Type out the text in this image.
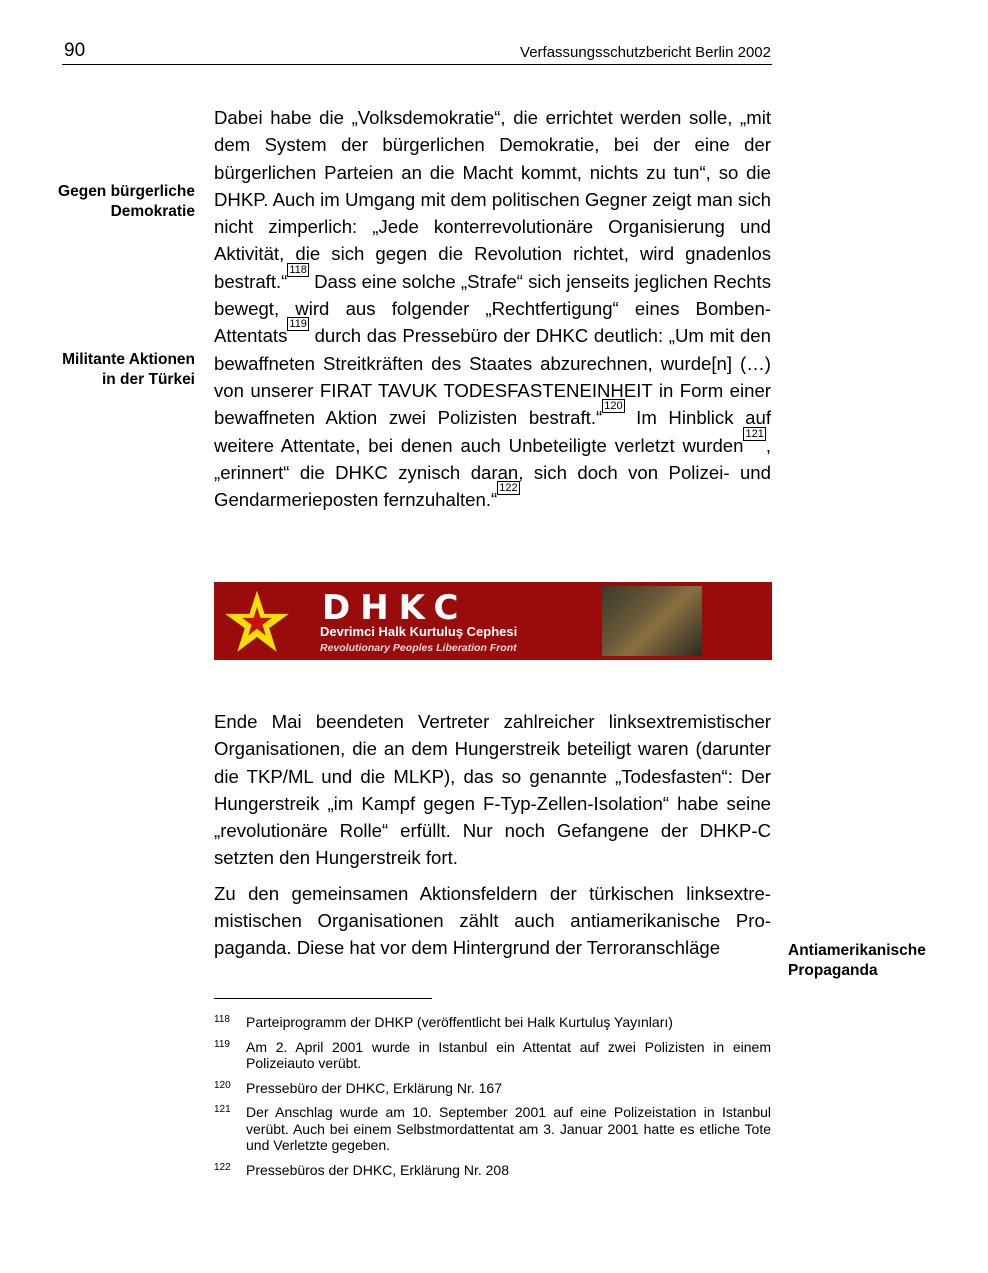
90	Verfassungsschutzbericht Berlin 2002
Gegen bürgerliche
Demokratie
Militante Aktionen
in der Türkei
Antiamerikanische
Propaganda

Dabei habe die „Volksdemokratie“, die errichtet werden solle, „mit dem System der bürgerlichen Demokratie, bei der eine der bürgerlichen Parteien an die Macht kommt, nichts zu tun“, so die DHKP. Auch im Umgang mit dem politischen Gegner zeigt man sich nicht zimperlich: „Jede konterrevolutionäre Organisierung und Aktivität, die sich gegen die Revolution richtet, wird gnadenlos bestraft.“$^{118}$ Dass eine solche „Strafe“ sich jenseits jeglichen Rechts bewegt, wird aus folgender „Rechtfertigung“ eines Bomben-Attentats$^{119}$ durch das Pressebüro der DHKC deutlich: „Um mit den bewaffneten Streitkräften des Staates abzurechnen, wurde[n] (…) von unserer FIRAT TAVUK TODESFASTENEINHEIT in Form einer bewaffneten Aktion zwei Polizisten bestraft.“$^{120}$ Im Hinblick auf weitere Attentate, bei denen auch Unbeteiligte verletzt wurden$^{121}$, „erinnert“ die DHKC zynisch daran, sich doch von Polizei- und Gendarmerieposten fernzuhalten.“$^{122}$

DHKC
Devrimci Halk Kurtuluş Cephesi
Revolutionary Peoples Liberation Front

Ende Mai beendeten Vertreter zahlreicher linksextremistischer Organisationen, die an dem Hungerstreik beteiligt waren (darunter die TKP/ML und die MLKP), das so genannte „Todesfasten“: Der Hungerstreik „im Kampf gegen F-Typ-Zellen-Isolation“ habe seine „revolutionäre Rolle“ erfüllt. Nur noch Gefangene der DHKP-C setzten den Hungerstreik fort.

Zu den gemeinsamen Aktionsfeldern der türkischen linksextremistischen Organisationen zählt auch antiamerikanische Propaganda. Diese hat vor dem Hintergrund der Terroranschläge

118	Parteiprogramm der DHKP (veröffentlicht bei Halk Kurtuluş Yayınları)
119	Am 2. April 2001 wurde in Istanbul ein Attentat auf zwei Polizisten in einem Polizeiauto verübt.
120	Pressebüro der DHKC, Erklärung Nr. 167
121	Der Anschlag wurde am 10. September 2001 auf eine Polizeistation in Istanbul verübt. Auch bei einem Selbstmordattentat am 3. Januar 2001 hatte es etliche Tote und Verletzte gegeben.
122	Pressebüros der DHKC, Erklärung Nr. 208
